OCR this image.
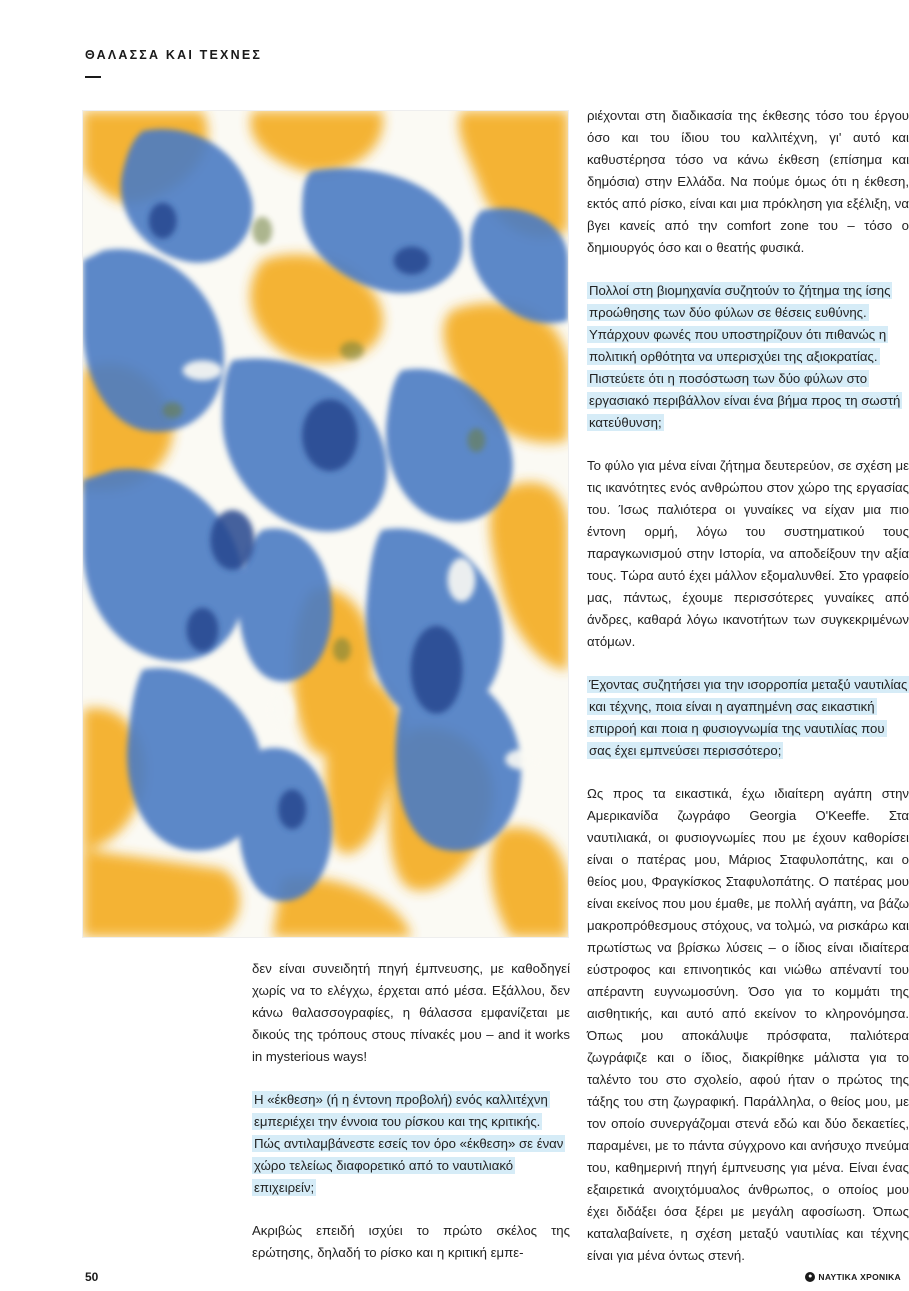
ΘΑΛΑΣΣΑ ΚΑΙ ΤΕΧΝΕΣ

δεν είναι συνειδητή πηγή έμπνευσης, με καθοδηγεί χωρίς να το ελέγχω, έρχεται από μέσα. Εξάλλου, δεν κάνω θαλασσογραφίες, η θάλασσα εμφανίζεται με δικούς της τρόπους στους πίνακές μου – and it works in mysterious ways!

Η «έκθεση» (ή η έντονη προβολή) ενός καλλιτέχνη εμπεριέχει την έννοια του ρίσκου και της κριτικής. Πώς αντιλαμβάνεστε εσείς τον όρο «έκθεση» σε έναν χώρο τελείως διαφορετικό από το ναυτιλιακό επιχειρείν;

Ακριβώς επειδή ισχύει το πρώτο σκέλος της ερώτησης, δηλαδή το ρίσκο και η κριτική εμπε-

ριέχονται στη διαδικασία της έκθεσης τόσο του έργου όσο και του ίδιου του καλλιτέχνη, γι' αυτό και καθυστέρησα τόσο να κάνω έκθεση (επίσημα και δημόσια) στην Ελλάδα. Να πούμε όμως ότι η έκθεση, εκτός από ρίσκο, είναι και μια πρόκληση για εξέλιξη, να βγει κανείς από την comfort zone του – τόσο ο δημιουργός όσο και ο θεατής φυσικά.

Πολλοί στη βιομηχανία συζητούν το ζήτημα της ίσης προώθησης των δύο φύλων σε θέσεις ευθύνης. Υπάρχουν φωνές που υποστηρίζουν ότι πιθανώς η πολιτική ορθότητα να υπερισχύει της αξιοκρατίας. Πιστεύετε ότι η ποσόστωση των δύο φύλων στο εργασιακό περιβάλλον είναι ένα βήμα προς τη σωστή κατεύθυνση;

Το φύλο για μένα είναι ζήτημα δευτερεύον, σε σχέση με τις ικανότητες ενός ανθρώπου στον χώρο της εργασίας του. Ίσως παλιότερα οι γυναίκες να είχαν μια πιο έντονη ορμή, λόγω του συστηματικού τους παραγκωνισμού στην Ιστορία, να αποδείξουν την αξία τους. Τώρα αυτό έχει μάλλον εξομαλυνθεί. Στο γραφείο μας, πάντως, έχουμε περισσότερες γυναίκες από άνδρες, καθαρά λόγω ικανοτήτων των συγκεκριμένων ατόμων.

Έχοντας συζητήσει για την ισορροπία μεταξύ ναυτιλίας και τέχνης, ποια είναι η αγαπημένη σας εικαστική επιρροή και ποια η φυσιογνωμία της ναυτιλίας που σας έχει εμπνεύσει περισσότερο;

Ως προς τα εικαστικά, έχω ιδιαίτερη αγάπη στην Αμερικανίδα ζωγράφο Georgia O'Keeffe. Στα ναυτιλιακά, οι φυσιογνωμίες που με έχουν καθορίσει είναι ο πατέρας μου, Μάριος Σταφυλοπάτης, και ο θείος μου, Φραγκίσκος Σταφυλοπάτης. Ο πατέρας μου είναι εκείνος που μου έμαθε, με πολλή αγάπη, να βάζω μακροπρόθεσμους στόχους, να τολμώ, να ρισκάρω και πρωτίστως να βρίσκω λύσεις – ο ίδιος είναι ιδιαίτερα εύστροφος και επινοητικός και νιώθω απέναντί του απέραντη ευγνωμοσύνη. Όσο για το κομμάτι της αισθητικής, και αυτό από εκείνον το κληρονόμησα. Όπως μου αποκάλυψε πρόσφατα, παλιότερα ζωγράφιζε και ο ίδιος, διακρίθηκε μάλιστα για το ταλέντο του στο σχολείο, αφού ήταν ο πρώτος της τάξης του στη ζωγραφική. Παράλληλα, ο θείος μου, με τον οποίο συνεργάζομαι στενά εδώ και δύο δεκαετίες, παραμένει, με το πάντα σύγχρονο και ανήσυχο πνεύμα του, καθημερινή πηγή έμπνευσης για μένα. Είναι ένας εξαιρετικά ανοιχτόμυαλος άνθρωπος, ο οποίος μου έχει διδάξει όσα ξέρει με μεγάλη αφοσίωση. Όπως καταλαβαίνετε, η σχέση μεταξύ ναυτιλίας και τέχνης είναι για μένα όντως στενή.

50	● ΝΑΥΤΙΚΑ ΧΡΟΝΙΚΑ
